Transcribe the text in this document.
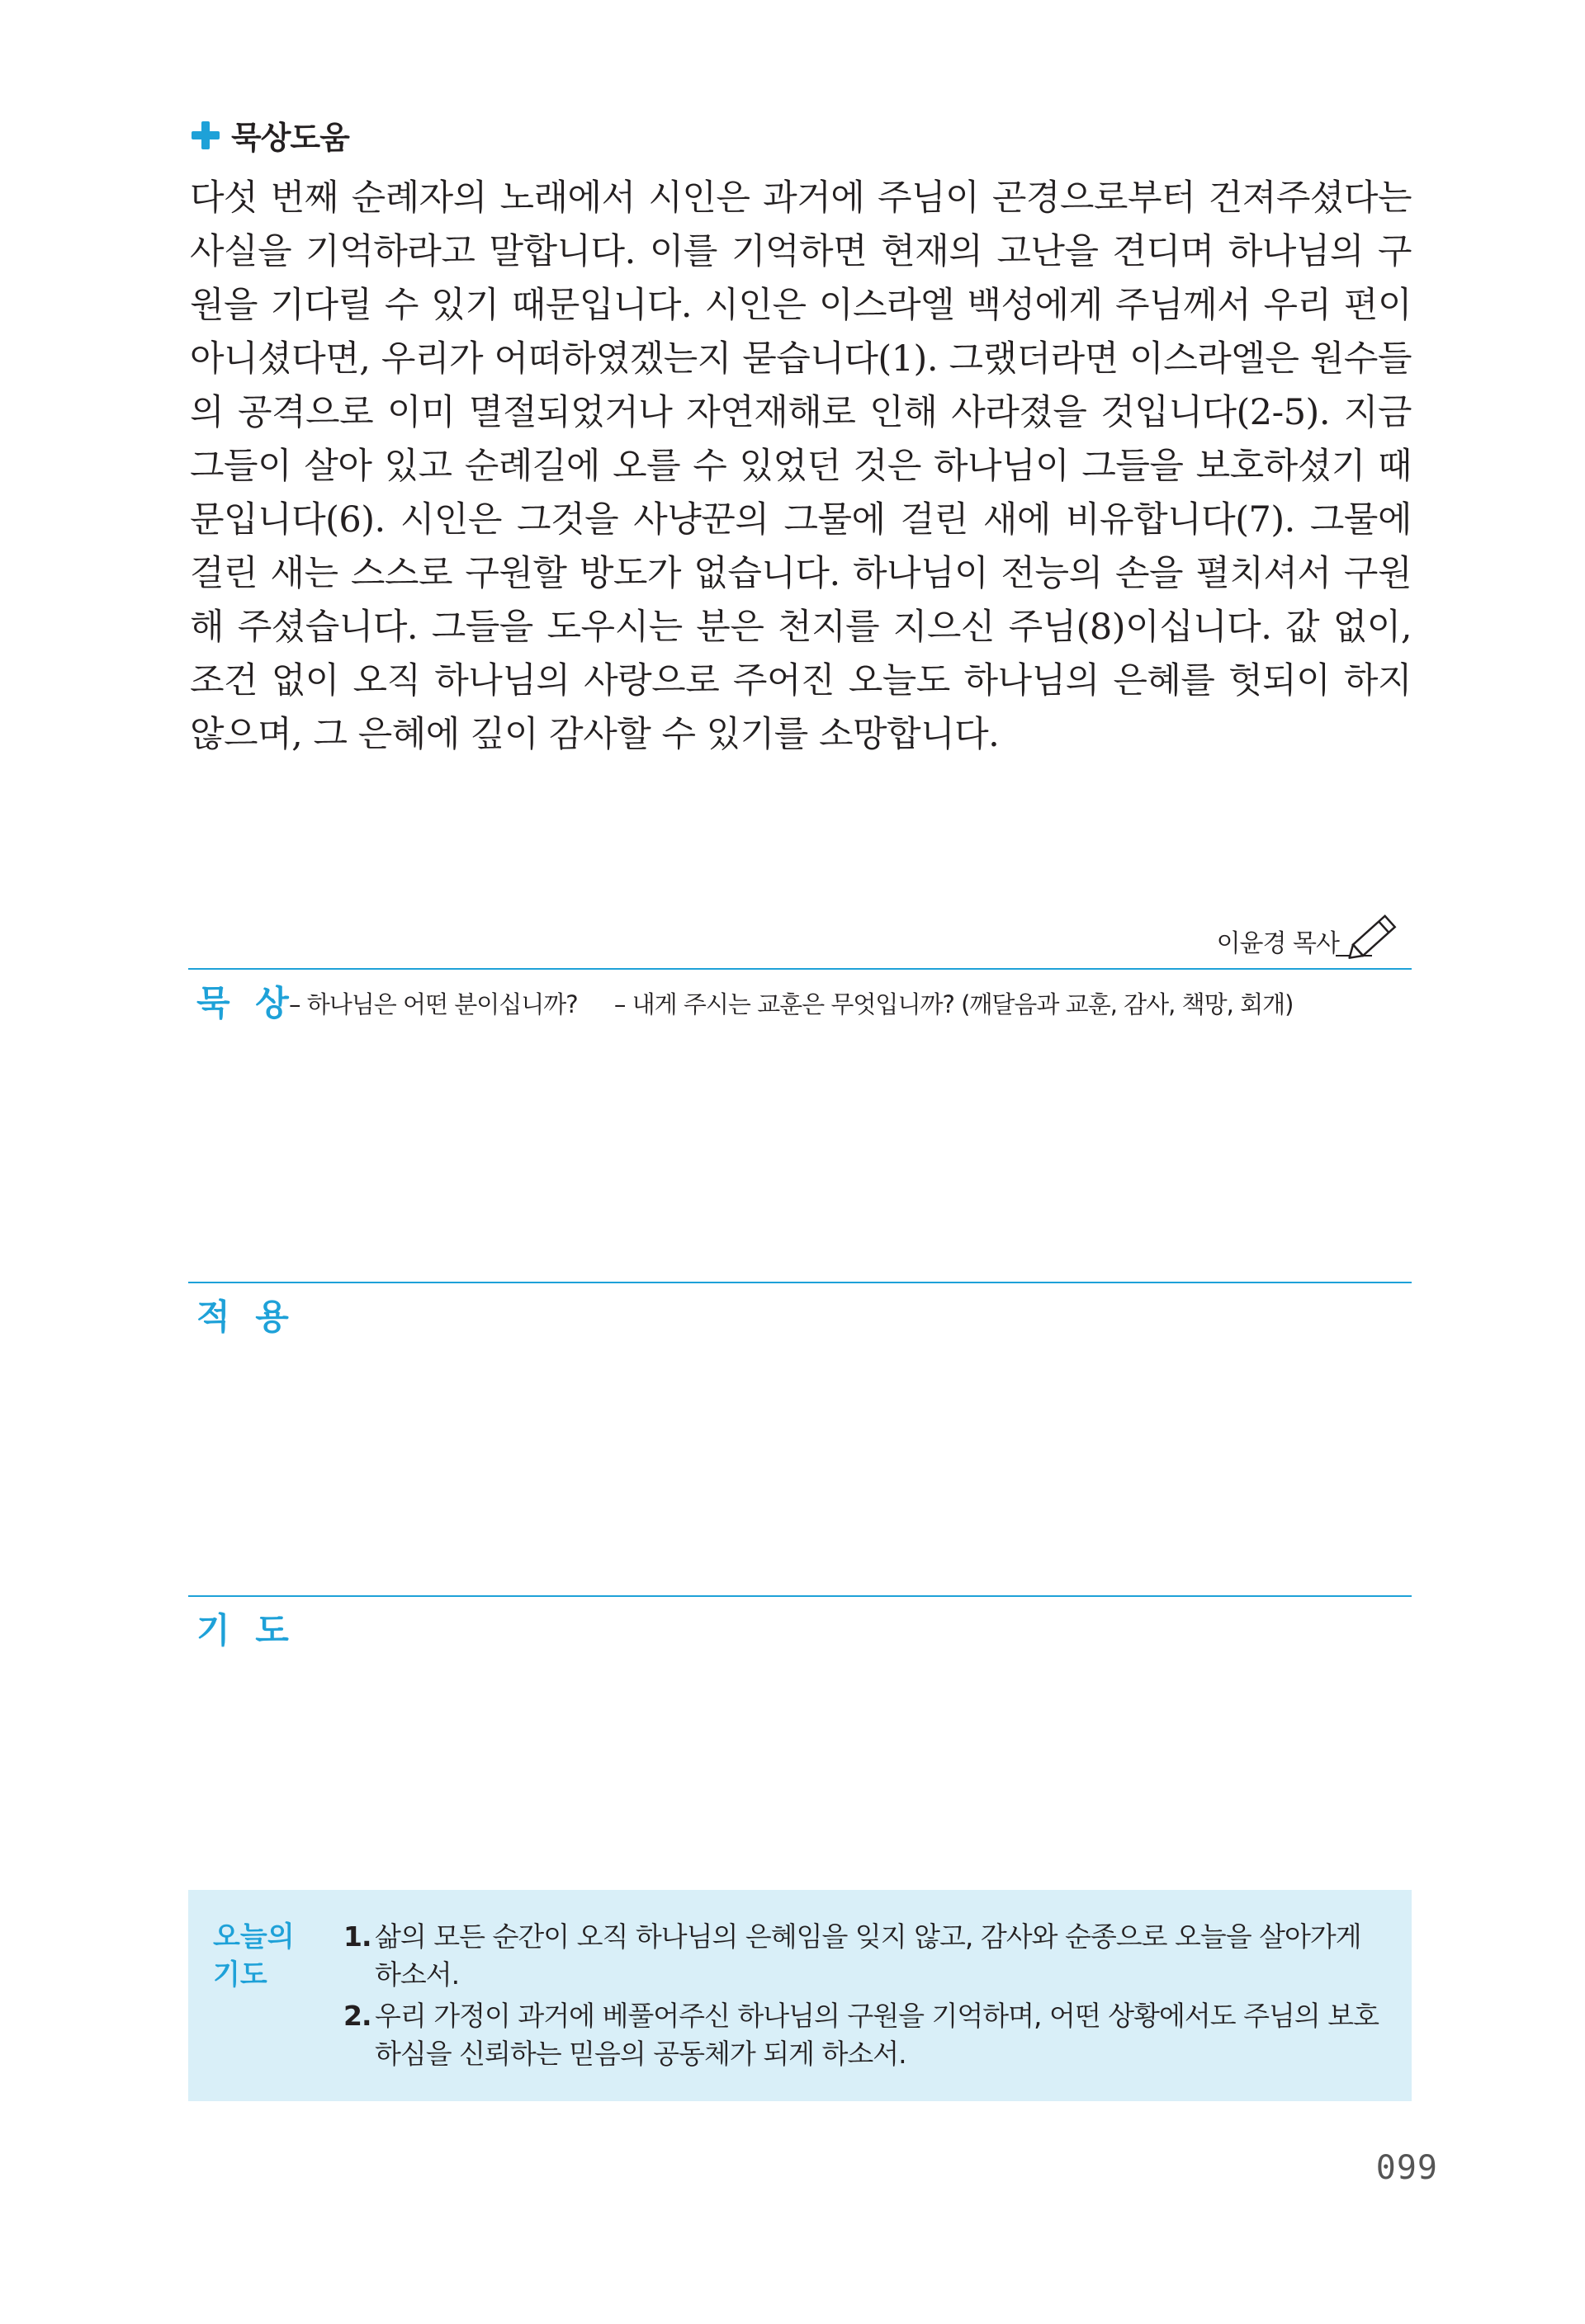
묵상도움

다섯 번째 순례자의 노래에서 시인은 과거에 주님이 곤경으로부터 건져주셨다는 사실을 기억하라고 말합니다. 이를 기억하면 현재의 고난을 견디며 하나님의 구원을 기다릴 수 있기 때문입니다. 시인은 이스라엘 백성에게 주님께서 우리 편이 아니셨다면, 우리가 어떠하였겠는지 묻습니다(1). 그랬더라면 이스라엘은 원수들의 공격으로 이미 멸절되었거나 자연재해로 인해 사라졌을 것입니다(2-5). 지금 그들이 살아 있고 순례길에 오를 수 있었던 것은 하나님이 그들을 보호하셨기 때문입니다(6). 시인은 그것을 사냥꾼의 그물에 걸린 새에 비유합니다(7). 그물에 걸린 새는 스스로 구원할 방도가 없습니다. 하나님이 전능의 손을 펼치셔서 구원해 주셨습니다. 그들을 도우시는 분은 천지를 지으신 주님(8)이십니다. 값 없이, 조건 없이 오직 하나님의 사랑으로 주어진 오늘도 하나님의 은혜를 헛되이 하지 않으며, 그 은혜에 깊이 감사할 수 있기를 소망합니다.

이윤경 목사
묵 상
– 하나님은 어떤 분이십니까? – 내게 주시는 교훈은 무엇입니까? (깨달음과 교훈, 감사, 책망, 회개)
적 용
기 도
오늘의 기도
1. 삶의 모든 순간이 오직 하나님의 은혜임을 잊지 않고, 감사와 순종으로 오늘을 살아가게 하소서.
2. 우리 가정이 과거에 베풀어주신 하나님의 구원을 기억하며, 어떤 상황에서도 주님의 보호하심을 신뢰하는 믿음의 공동체가 되게 하소서.
099
